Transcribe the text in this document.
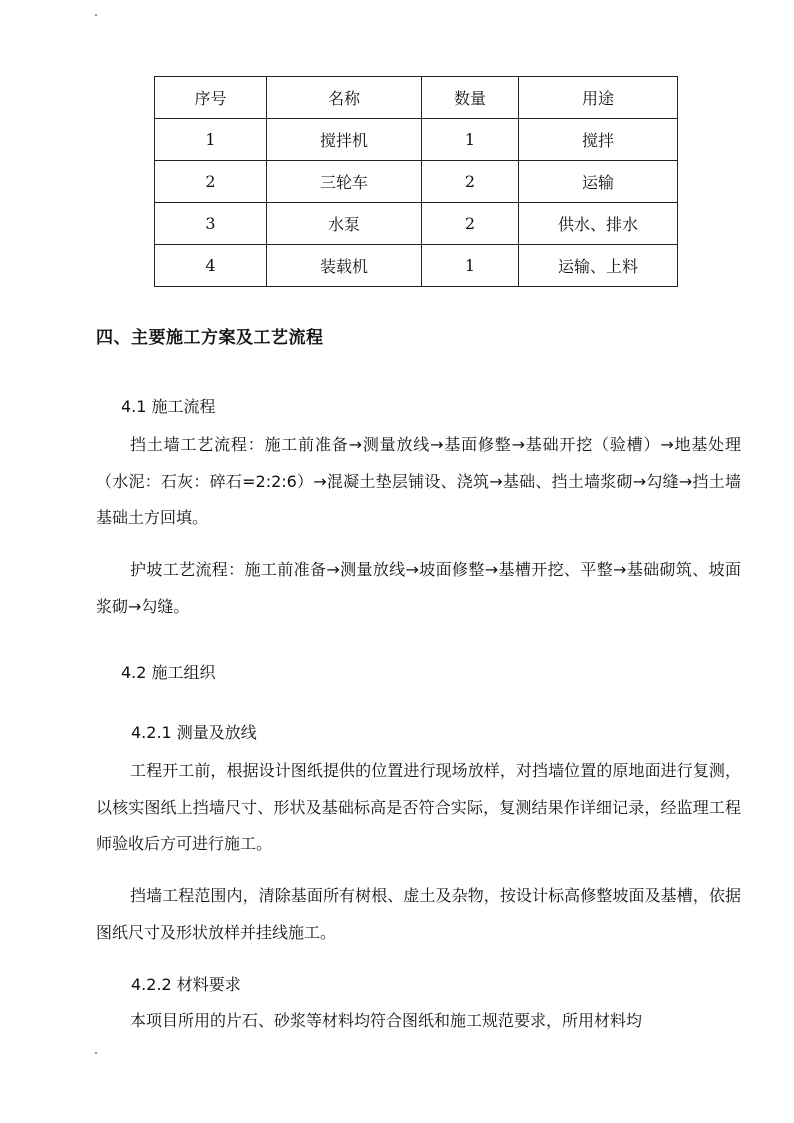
序号	名称	数量	用途
1	搅拌机	1	搅拌
2	三轮车	2	运输
3	水泵	2	供水、排水
4	装载机	1	运输、上料
四、主要施工方案及工艺流程
4.1 施工流程

挡土墙工艺流程：施工前准备→测量放线→基面修整→基础开挖（验槽）→地基处理（水泥：石灰：碎石=2:2:6）→混凝土垫层铺设、浇筑→基础、挡土墙浆砌→勾缝→挡土墙基础土方回填。

护坡工艺流程：施工前准备→测量放线→坡面修整→基槽开挖、平整→基础砌筑、坡面浆砌→勾缝。

4.2 施工组织
4.2.1 测量及放线

工程开工前，根据设计图纸提供的位置进行现场放样，对挡墙位置的原地面进行复测，以核实图纸上挡墙尺寸、形状及基础标高是否符合实际，复测结果作详细记录，经监理工程师验收后方可进行施工。

挡墙工程范围内，清除基面所有树根、虚土及杂物，按设计标高修整坡面及基槽，依据图纸尺寸及形状放样并挂线施工。

4.2.2 材料要求

本项目所用的片石、砂浆等材料均符合图纸和施工规范要求，所用材料均
